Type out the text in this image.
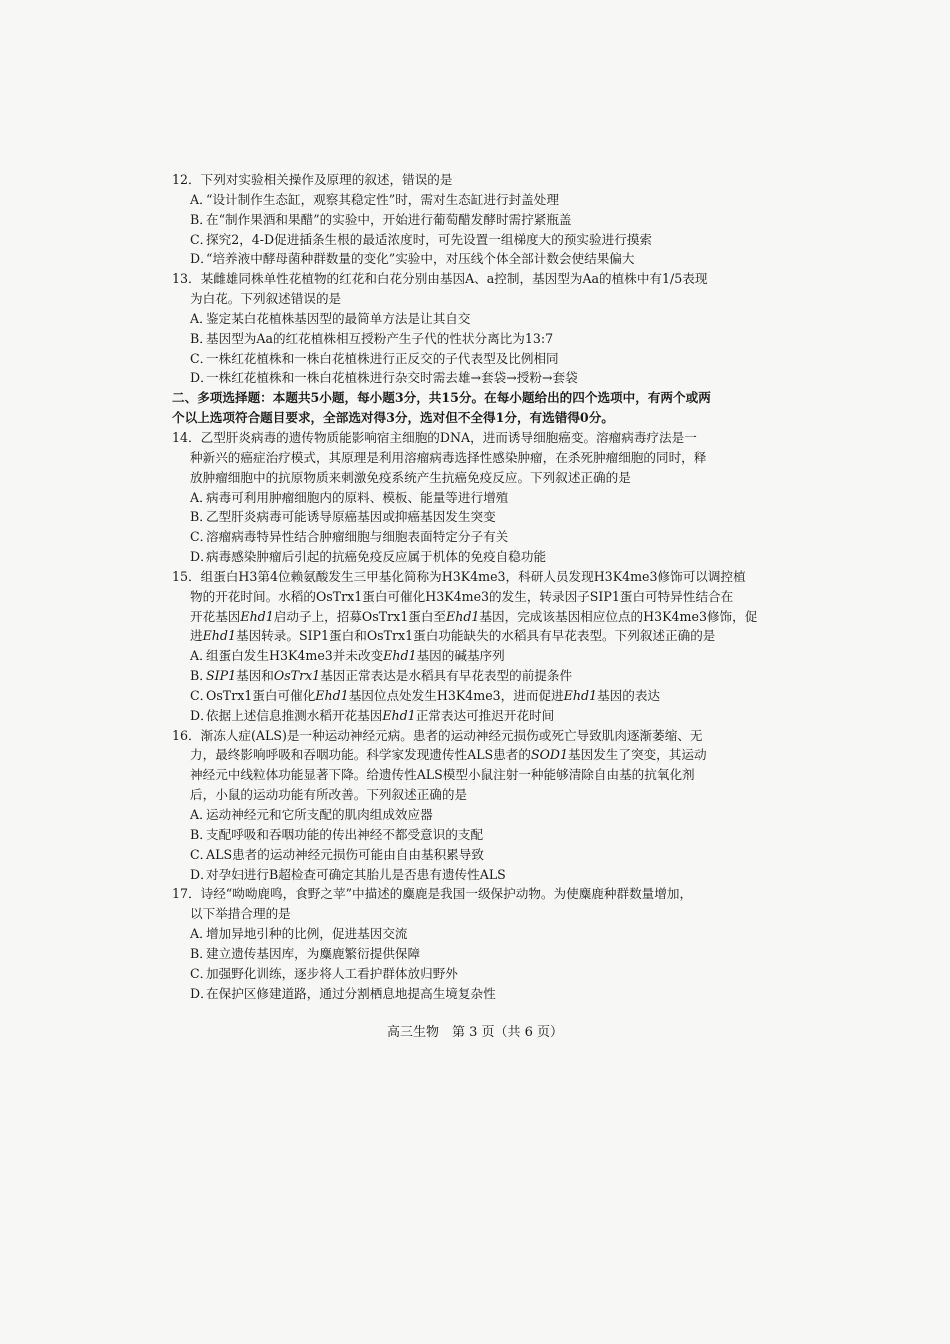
12．下列对实验相关操作及原理的叙述，错误的是
A．“设计制作生态缸，观察其稳定性”时，需对生态缸进行封盖处理
B．在“制作果酒和果醋”的实验中，开始进行葡萄醋发酵时需拧紧瓶盖
C．探究2，4-D促进插条生根的最适浓度时，可先设置一组梯度大的预实验进行摸索
D．“培养液中酵母菌种群数量的变化”实验中，对压线个体全部计数会使结果偏大
13．某雌雄同株单性花植物的红花和白花分别由基因A、a控制，基因型为Aa的植株中有1/5表现
为白花。下列叙述错误的是
A．鉴定某白花植株基因型的最简单方法是让其自交
B．基因型为Aa的红花植株相互授粉产生子代的性状分离比为13:7
C．一株红花植株和一株白花植株进行正反交的子代表型及比例相同
D．一株红花植株和一株白花植株进行杂交时需去雄→套袋→授粉→套袋
二、多项选择题：本题共5小题，每小题3分，共15分。在每小题给出的四个选项中，有两个或两
个以上选项符合题目要求，全部选对得3分，选对但不全得1分，有选错得0分。
14．乙型肝炎病毒的遗传物质能影响宿主细胞的DNA，进而诱导细胞癌变。溶瘤病毒疗法是一
种新兴的癌症治疗模式，其原理是利用溶瘤病毒选择性感染肿瘤，在杀死肿瘤细胞的同时，释
放肿瘤细胞中的抗原物质来刺激免疫系统产生抗癌免疫反应。下列叙述正确的是
A．病毒可利用肿瘤细胞内的原料、模板、能量等进行增殖
B．乙型肝炎病毒可能诱导原癌基因或抑癌基因发生突变
C．溶瘤病毒特异性结合肿瘤细胞与细胞表面特定分子有关
D．病毒感染肿瘤后引起的抗癌免疫反应属于机体的免疫自稳功能
15．组蛋白H3第4位赖氨酸发生三甲基化简称为H3K4me3，科研人员发现H3K4me3修饰可以调控植
物的开花时间。水稻的OsTrx1蛋白可催化H3K4me3的发生，转录因子SIP1蛋白可特异性结合在
开花基因Ehd1启动子上，招募OsTrx1蛋白至Ehd1基因，完成该基因相应位点的H3K4me3修饰，促
进Ehd1基因转录。SIP1蛋白和OsTrx1蛋白功能缺失的水稻具有早花表型。下列叙述正确的是
A．组蛋白发生H3K4me3并未改变Ehd1基因的碱基序列
B．SIP1基因和OsTrx1基因正常表达是水稻具有早花表型的前提条件
C．OsTrx1蛋白可催化Ehd1基因位点处发生H3K4me3，进而促进Ehd1基因的表达
D．依据上述信息推测水稻开花基因Ehd1正常表达可推迟开花时间
16．渐冻人症(ALS)是一种运动神经元病。患者的运动神经元损伤或死亡导致肌肉逐渐萎缩、无
力，最终影响呼吸和吞咽功能。科学家发现遗传性ALS患者的SOD1基因发生了突变，其运动
神经元中线粒体功能显著下降。给遗传性ALS模型小鼠注射一种能够清除自由基的抗氧化剂
后，小鼠的运动功能有所改善。下列叙述正确的是
A．运动神经元和它所支配的肌肉组成效应器
B．支配呼吸和吞咽功能的传出神经不都受意识的支配
C．ALS患者的运动神经元损伤可能由自由基积累导致
D．对孕妇进行B超检查可确定其胎儿是否患有遗传性ALS
17．诗经“呦呦鹿鸣，食野之苹”中描述的麋鹿是我国一级保护动物。为使麋鹿种群数量增加，
以下举措合理的是
A．增加异地引种的比例，促进基因交流
B．建立遗传基因库，为麋鹿繁衍提供保障
C．加强野化训练，逐步将人工看护群体放归野外
D．在保护区修建道路，通过分割栖息地提高生境复杂性
高三生物　第 3 页（共 6 页）
